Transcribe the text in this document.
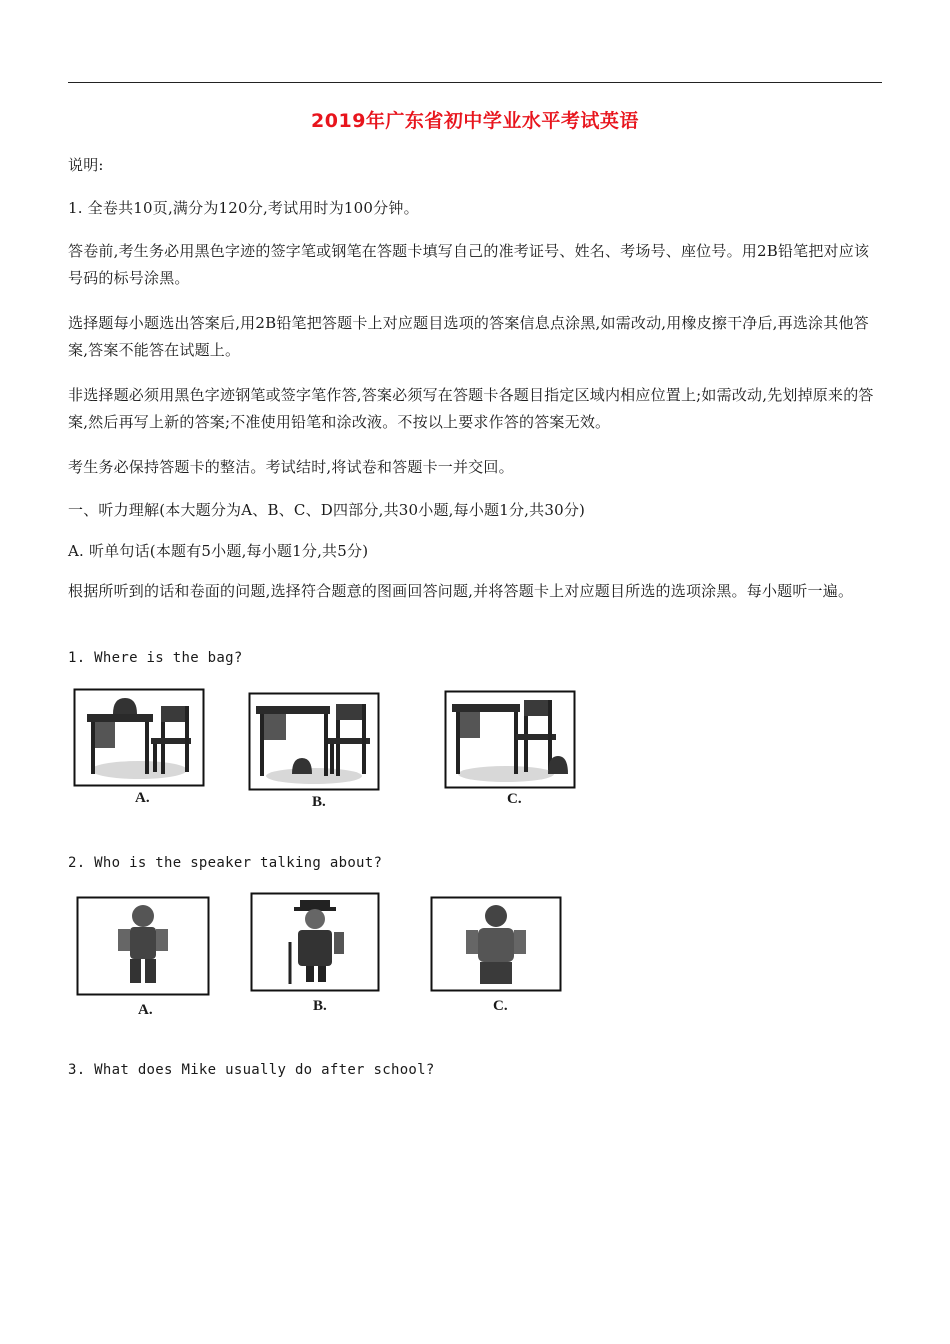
2019年广东省初中学业水平考试英语
说明:
1. 全卷共10页,满分为120分,考试用时为100分钟。
答卷前,考生务必用黑色字迹的签字笔或钢笔在答题卡填写自己的准考证号、姓名、考场号、座位号。用2B铅笔把对应该号码的标号涂黑。
选择题每小题选出答案后,用2B铅笔把答题卡上对应题目选项的答案信息点涂黑,如需改动,用橡皮擦干净后,再选涂其他答案,答案不能答在试题上。
非选择题必须用黑色字迹钢笔或签字笔作答,答案必须写在答题卡各题目指定区域内相应位置上;如需改动,先划掉原来的答案,然后再写上新的答案;不准使用铅笔和涂改液。不按以上要求作答的答案无效。
考生务必保持答题卡的整洁。考试结时,将试卷和答题卡一并交回。
一、听力理解(本大题分为A、B、C、D四部分,共30小题,每小题1分,共30分)
A. 听单句话(本题有5小题,每小题1分,共5分)
根据所听到的话和卷面的问题,选择符合题意的图画回答问题,并将答题卡上对应题目所选的选项涂黑。每小题听一遍。
1. Where is the bag?
A.	B.	C.
2. Who is the speaker talking about?
A.	B.	C.
3. What does Mike usually do after school?
